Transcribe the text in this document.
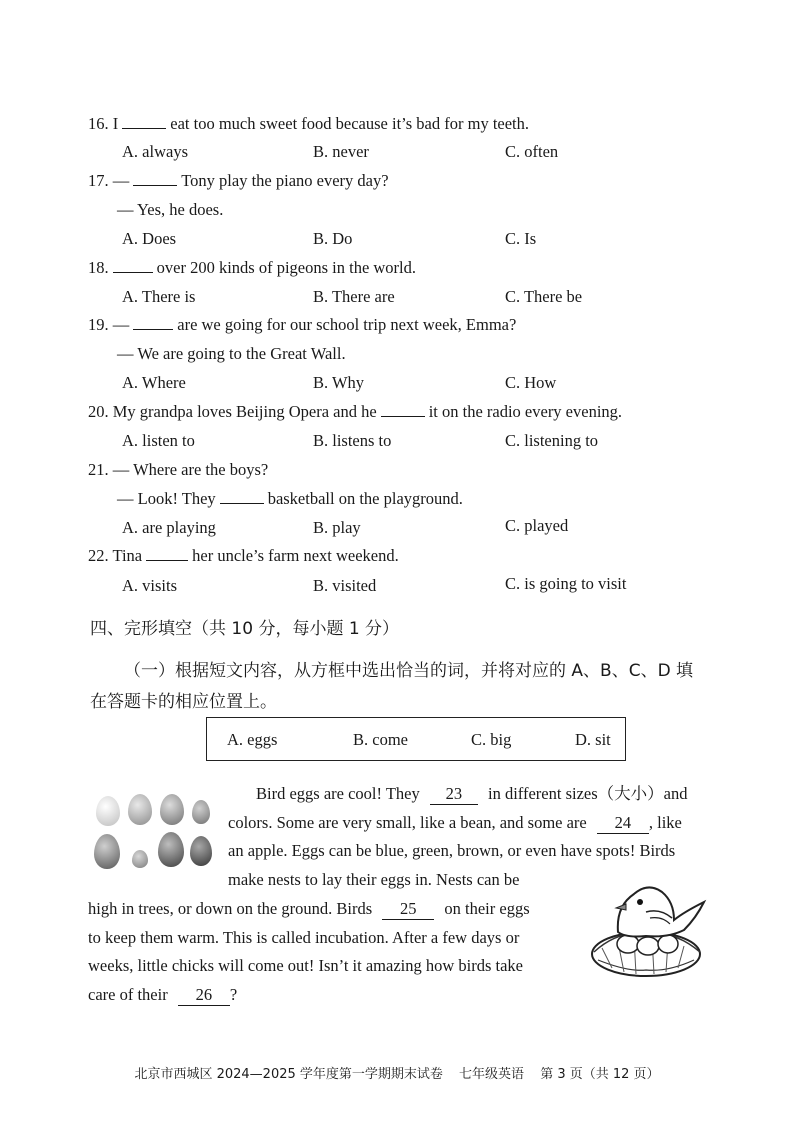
16. I	eat too much sweet food because it’s bad for my teeth.
A. always	B. never	C. often
17. —	Tony play the piano every day?
— Yes, he does.
A. Does	B. Do	C. Is
18.	over 200 kinds of pigeons in the world.
A. There is	B. There are	C. There be
19. —	are we going for our school trip next week, Emma?
— We are going to the Great Wall.
A. Where	B. Why	C. How
20. My grandpa loves Beijing Opera and he	it on the radio every evening.
A. listen to	B. listens to	C. listening to
21. — Where are the boys?
— Look! They	basketball on the playground.
A. are playing	B. play	C. played
22. Tina	her uncle’s farm next weekend.
A. visits	B. visited	C. is going to visit
四、完形填空（共 10 分，每小题 1 分）
（一）根据短文内容，从方框中选出恰当的词，并将对应的 A、B、C、D 填
在答题卡的相应位置上。
A. eggs	B. come	C. big	D. sit
Bird eggs are cool! They 23 in different sizes（大小）and
colors. Some are very small, like a bean, and some are 24 , like
an apple. Eggs can be blue, green, brown, or even have spots! Birds
make nests to lay their eggs in. Nests can be
high in trees, or down on the ground. Birds 25 on their eggs
to keep them warm. This is called incubation. After a few days or
weeks, little chicks will come out! Isn’t it amazing how birds take
care of their 26 ?
北京市西城区 2024—2025 学年度第一学期期末试卷 七年级英语 第 3 页（共 12 页）
